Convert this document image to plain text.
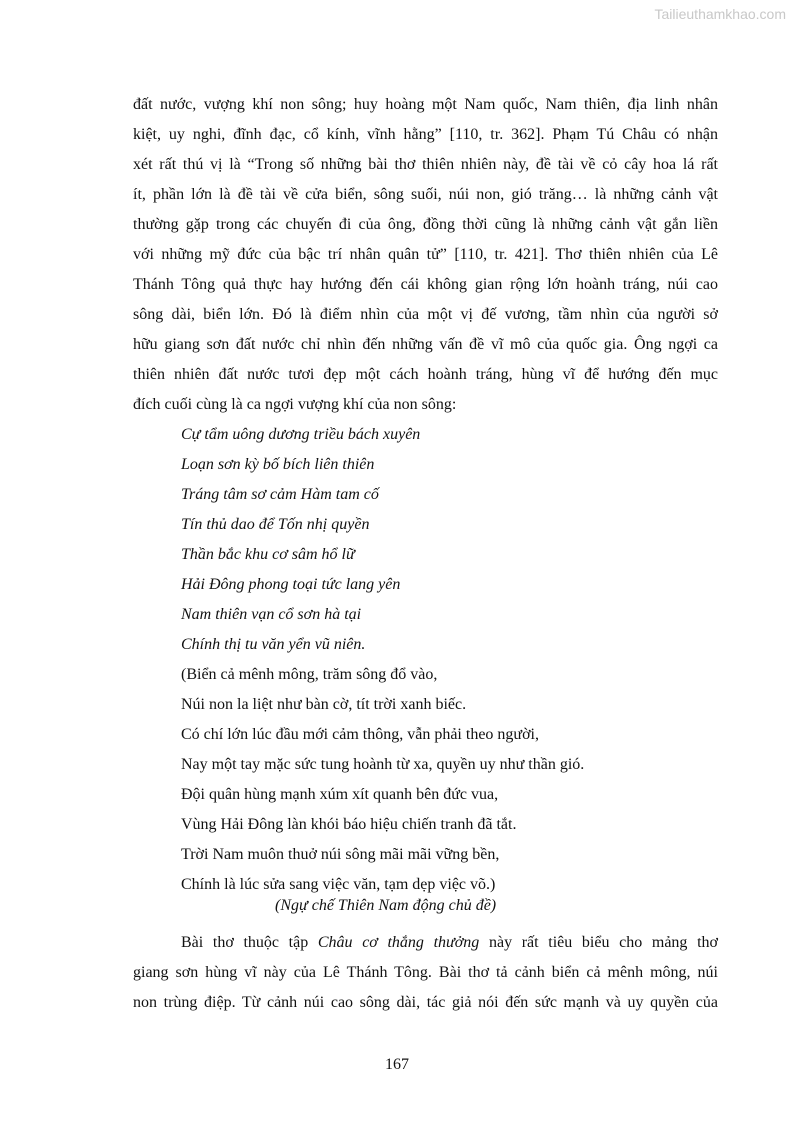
Tailieuthamkhao.com
đất nước, vượng khí non sông; huy hoàng một Nam quốc, Nam thiên, địa linh nhân
kiệt, uy nghi, đĩnh đạc, cổ kính, vĩnh hằng” [110, tr. 362]. Phạm Tú Châu có nhận
xét rất thú vị là “Trong số những bài thơ thiên nhiên này, đề tài về cỏ cây hoa lá rất
ít, phần lớn là đề tài về cửa biển, sông suối, núi non, gió trăng… là những cảnh vật
thường gặp trong các chuyến đi của ông, đồng thời cũng là những cảnh vật gắn liền
với những mỹ đức của bậc trí nhân quân tử” [110, tr. 421]. Thơ thiên nhiên của Lê
Thánh Tông quả thực hay hướng đến cái không gian rộng lớn hoành tráng, núi cao
sông dài, biển lớn. Đó là điểm nhìn của một vị đế vương, tầm nhìn của người sở
hữu giang sơn đất nước chỉ nhìn đến những vấn đề vĩ mô của quốc gia. Ông ngợi ca
thiên nhiên đất nước tươi đẹp một cách hoành tráng, hùng vĩ để hướng đến mục
đích cuối cùng là ca ngợi vượng khí của non sông:
Cự tẩm uông dương triều bách xuyên
Loạn sơn kỳ bố bích liên thiên
Tráng tâm sơ cảm Hàm tam cố
Tín thủ dao để Tốn nhị quyền
Thần bắc khu cơ sâm hổ lữ
Hải Đông phong toại tức lang yên
Nam thiên vạn cổ sơn hà tại
Chính thị tu văn yển vũ niên.
(Biển cả mênh mông, trăm sông đổ vào,
Núi non la liệt như bàn cờ, tít trời xanh biếc.
Có chí lớn lúc đầu mới cảm thông, vẫn phải theo người,
Nay một tay mặc sức tung hoành từ xa, quyền uy như thần gió.
Đội quân hùng mạnh xúm xít quanh bên đức vua,
Vùng Hải Đông làn khói báo hiệu chiến tranh đã tắt.
Trời Nam muôn thuở núi sông mãi mãi vững bền,
Chính là lúc sửa sang việc văn, tạm dẹp việc võ.)
(Ngự chế Thiên Nam động chủ đề)
Bài thơ thuộc tập Châu cơ thắng thưởng này rất tiêu biểu cho mảng thơ
giang sơn hùng vĩ này của Lê Thánh Tông. Bài thơ tả cảnh biển cả mênh mông, núi
non trùng điệp. Từ cảnh núi cao sông dài, tác giả nói đến sức mạnh và uy quyền của
167
